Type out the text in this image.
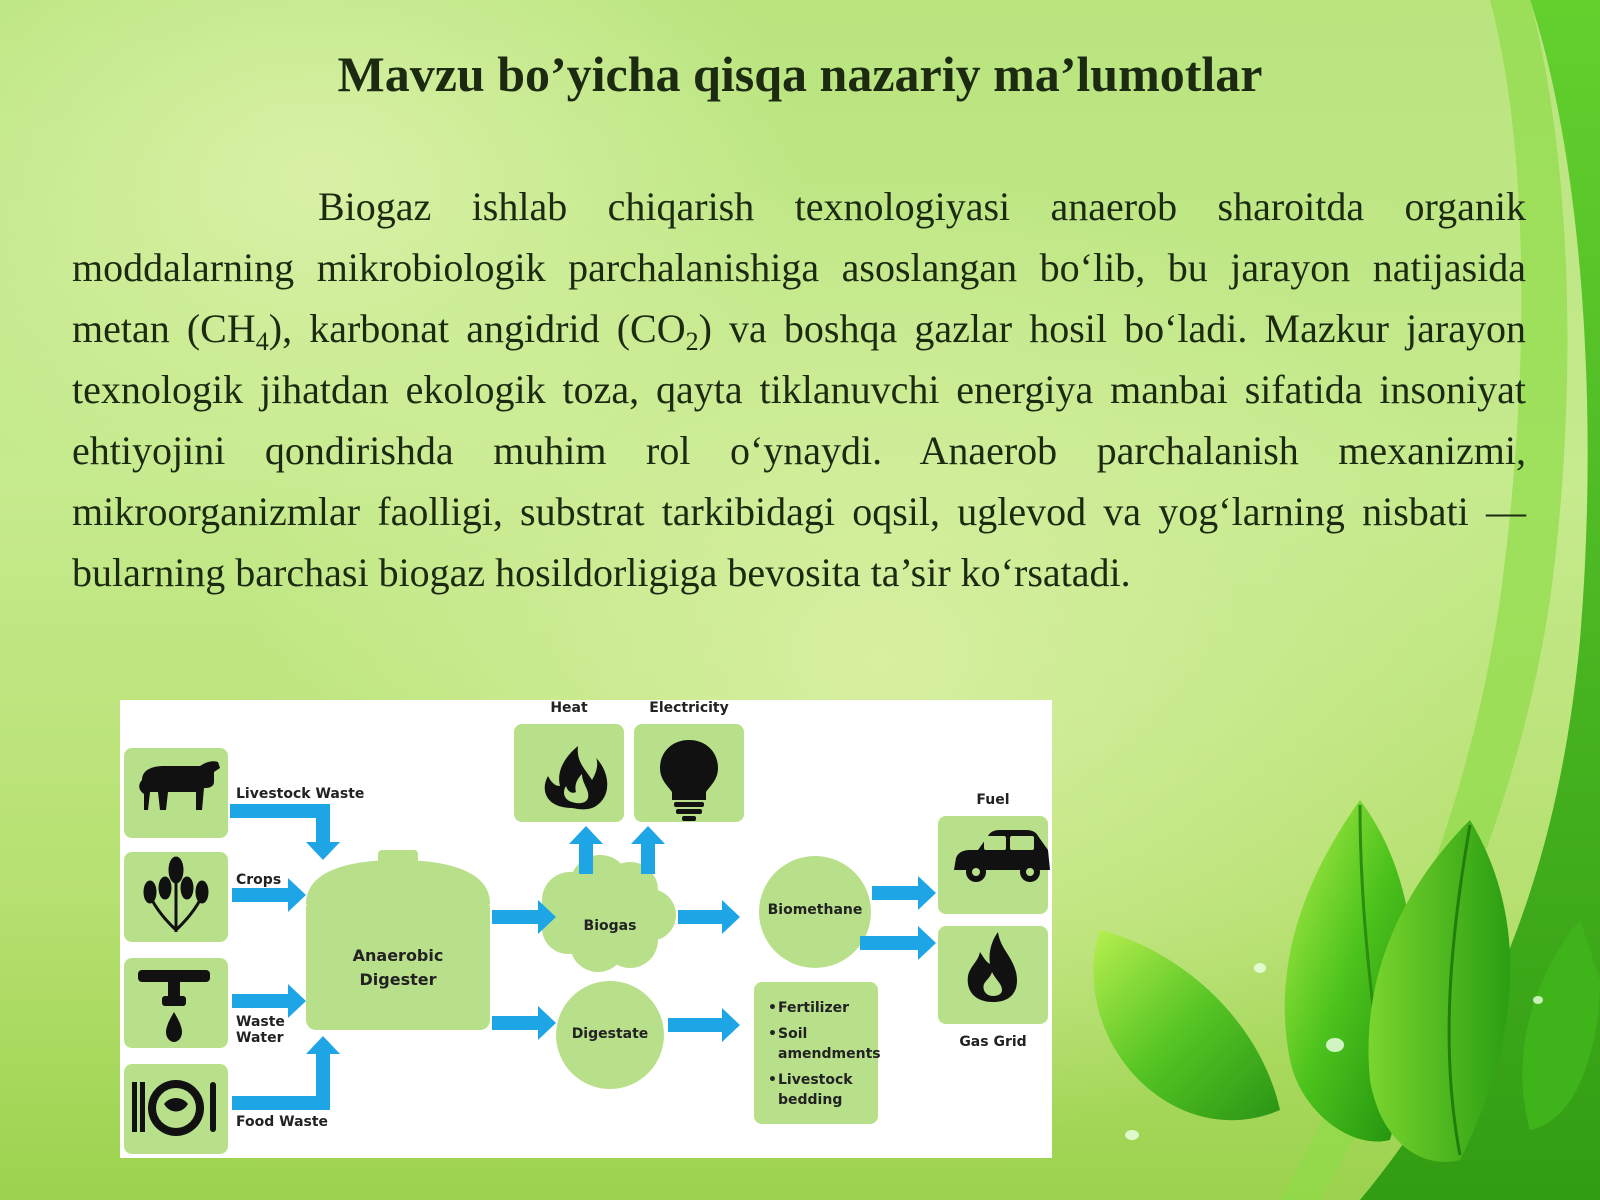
Mavzu bo’yicha qisqa nazariy ma’lumotlar

Biogaz ishlab chiqarish texnologiyasi anaerob sharoitda organik moddalarning mikrobiologik parchalanishiga asoslangan bo‘lib, bu jarayon natijasida metan $(CH_4)$, karbonat angidrid $(CO_2)$ va boshqa gazlar hosil bo‘ladi. Mazkur jarayon texnologik jihatdan ekologik toza, qayta tiklanuvchi energiya manbai sifatida insoniyat ehtiyojini qondirishda muhim rol o‘ynaydi. Anaerob parchalanish mexanizmi, mikroorganizmlar faolligi, substrat tarkibidagi oqsil, uglevod va yog‘larning nisbati — bularning barchasi biogaz hosildorligiga bevosita ta’sir ko‘rsatadi.

Livestock Waste
Crops
Waste Water
Food Waste
Anaerobic Digester
Biogas
Digestate
Biomethane
Heat	Electricity
Fuel
Gas Grid
• Fertilizer
• Soil amendments
• Livestock bedding
